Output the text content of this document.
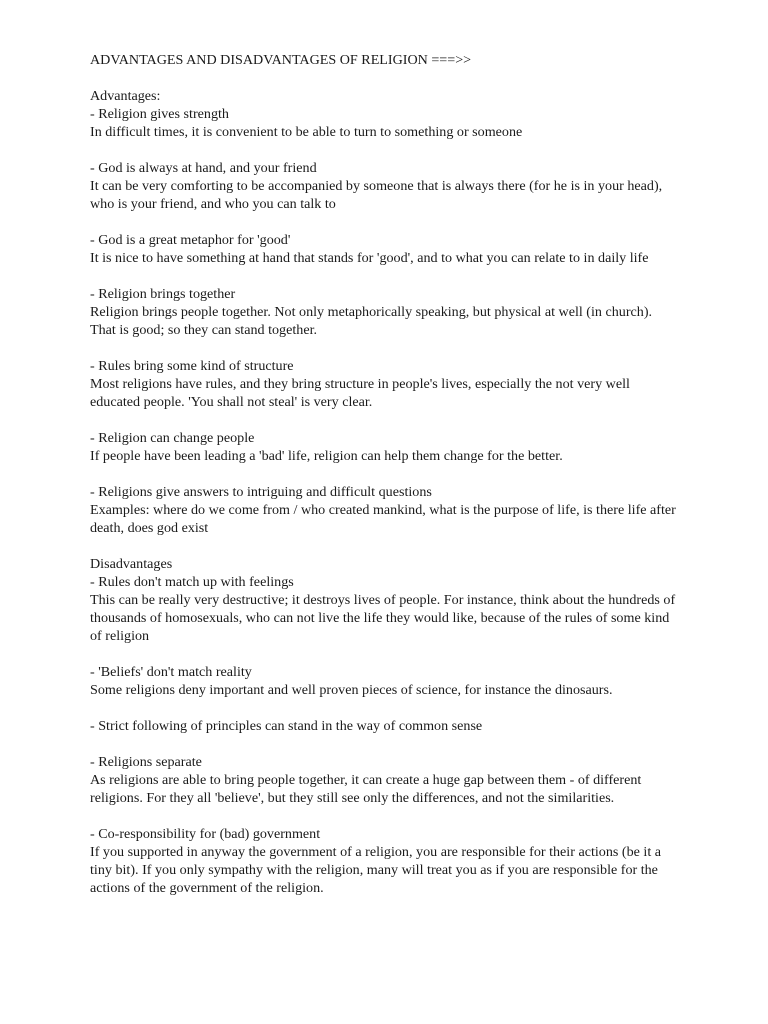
ADVANTAGES AND DISADVANTAGES OF RELIGION ===>>

Advantages:

- Religion gives strength

In difficult times, it is convenient to be able to turn to something or someone

- God is always at hand, and your friend

It can be very comforting to be accompanied by someone that is always there (for he is in your head), who is your friend, and who you can talk to

- God is a great metaphor for 'good'

It is nice to have something at hand that stands for 'good', and to what you can relate to in daily life

- Religion brings together

Religion brings people together. Not only metaphorically speaking, but physical at well (in church). That is good; so they can stand together.

- Rules bring some kind of structure

Most religions have rules, and they bring structure in people's lives, especially the not very well educated people. 'You shall not steal' is very clear.

- Religion can change people

If people have been leading a 'bad' life, religion can help them change for the better.

- Religions give answers to intriguing and difficult questions

Examples: where do we come from / who created mankind, what is the purpose of life, is there life after death, does god exist

Disadvantages

- Rules don't match up with feelings

This can be really very destructive; it destroys lives of people. For instance, think about the hundreds of thousands of homosexuals, who can not live the life they would like, because of the rules of some kind of religion

- 'Beliefs' don't match reality

Some religions deny important and well proven pieces of science, for instance the dinosaurs.

- Strict following of principles can stand in the way of common sense

- Religions separate

As religions are able to bring people together, it can create a huge gap between them - of different religions. For they all 'believe', but they still see only the differences, and not the similarities.

- Co-responsibility for (bad) government

If you supported in anyway the government of a religion, you are responsible for their actions (be it a tiny bit). If you only sympathy with the religion, many will treat you as if you are responsible for the actions of the government of the religion.
